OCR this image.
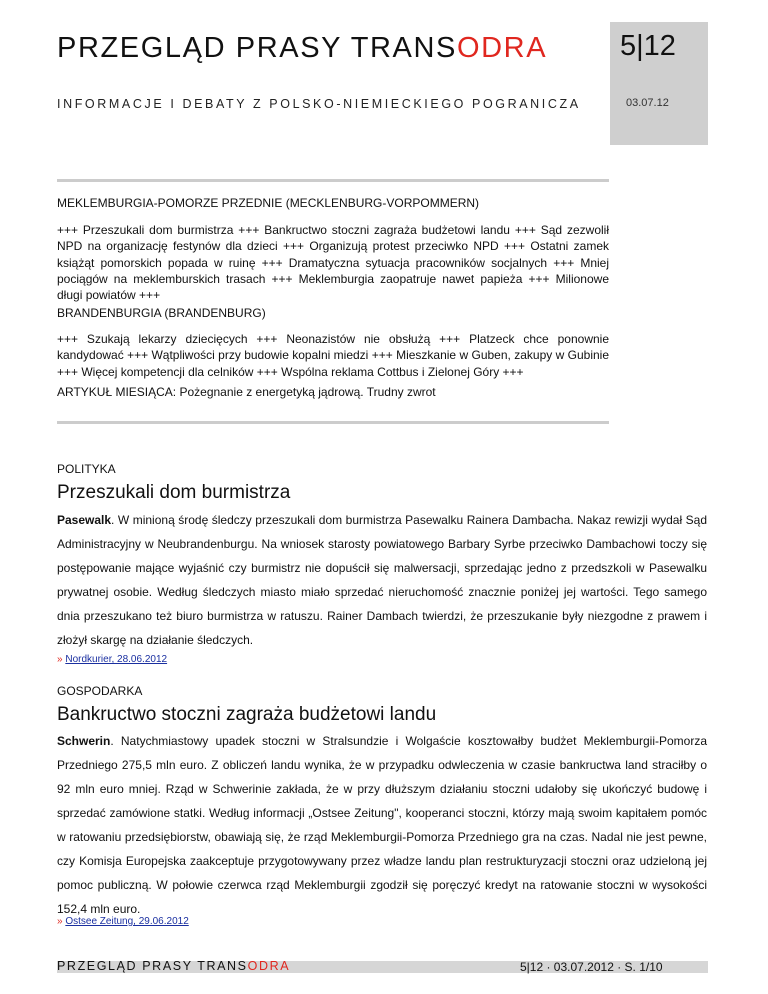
PRZEGLĄD PRASY TRANSODRA
INFORMACJE I DEBATY Z POLSKO-NIEMIECKIEGO POGRANICZA
5|12
03.07.12
MEKLEMBURGIA-POMORZE PRZEDNIE (MECKLENBURG-VORPOMMERN)
+++ Przeszukali dom burmistrza +++ Bankructwo stoczni zagraża budżetowi landu +++ Sąd zezwolił NPD na organizację festynów dla dzieci +++ Organizują protest przeciwko NPD +++ Ostatni zamek książąt pomorskich popada w ruinę +++ Dramatyczna sytuacja pracowników socjalnych +++ Mniej pociągów na meklemburskich trasach +++ Meklemburgia zaopatruje nawet papieża +++ Milionowe długi powiatów +++
BRANDENBURGIA (BRANDENBURG)
+++ Szukają lekarzy dziecięcych +++ Neonazistów nie obsłużą +++ Platzeck chce ponownie kandydować +++ Wątpliwości przy budowie kopalni miedzi +++ Mieszkanie w Guben, zakupy w Gubinie +++ Więcej kompetencji dla celników +++ Wspólna reklama Cottbus i Zielonej Góry +++
ARTYKUŁ MIESIĄCA: Pożegnanie z energetyką jądrową. Trudny zwrot
POLITYKA
Przeszukali dom burmistrza
Pasewalk. W minioną środę śledczy przeszukali dom burmistrza Pasewalku Rainera Dambacha. Nakaz rewizji wydał Sąd Administracyjny w Neubrandenburgu. Na wniosek starosty powiatowego Barbary Syrbe przeciwko Dambachowi toczy się postępowanie mające wyjaśnić czy burmistrz nie dopuścił się malwersacji, sprzedając jedno z przedszkoli w Pasewalku prywatnej osobie. Według śledczych miasto miało sprzedać nieruchomość znacznie poniżej jej wartości. Tego samego dnia przeszukano też biuro burmistrza w ratuszu. Rainer Dambach twierdzi, że przeszukanie były niezgodne z prawem i złożył skargę na działanie śledczych.
» Nordkurier, 28.06.2012
GOSPODARKA
Bankructwo stoczni zagraża budżetowi landu
Schwerin. Natychmiastowy upadek stoczni w Stralsundzie i Wolgaście kosztowałby budżet Meklemburgii-Pomorza Przedniego 275,5 mln euro. Z obliczeń landu wynika, że w przypadku odwleczenia w czasie bankructwa land straciłby o 92 mln euro mniej. Rząd w Schwerinie zakłada, że w przy dłuższym działaniu stoczni udałoby się ukończyć budowę i sprzedać zamówione statki. Według informacji „Ostsee Zeitung", kooperanci stoczni, którzy mają swoim kapitałem pomóc w ratowaniu przedsiębiorstw, obawiają się, że rząd Meklemburgii-Pomorza Przedniego gra na czas. Nadal nie jest pewne, czy Komisja Europejska zaakceptuje przygotowywany przez władze landu plan restrukturyzacji stoczni oraz udzieloną jej pomoc publiczną. W połowie czerwca rząd Meklemburgii zgodził się poręczyć kredyt na ratowanie stoczni w wysokości 152,4 mln euro.
» Ostsee Zeitung, 29.06.2012
PRZEGLĄD PRASY TRANSODRA	5|12 · 03.07.2012 · S. 1/10
